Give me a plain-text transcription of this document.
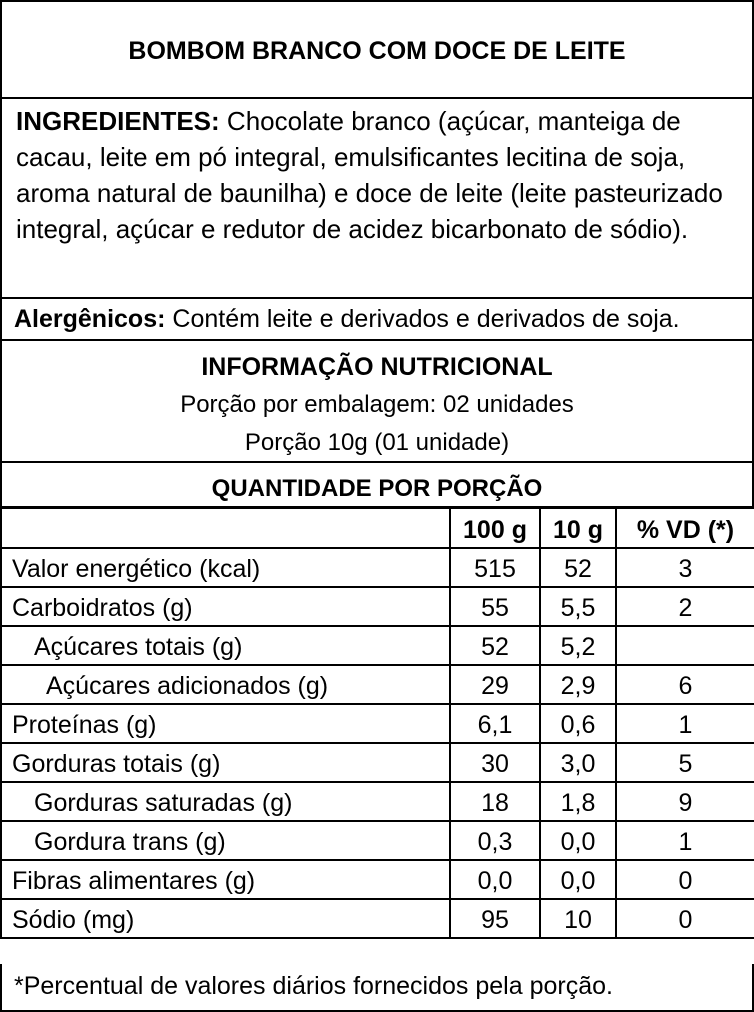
BOMBOM BRANCO COM DOCE DE LEITE
INGREDIENTES: Chocolate branco (açúcar, manteiga de cacau, leite em pó integral, emulsificantes lecitina de soja, aroma natural de baunilha) e doce de leite (leite pasteurizado integral, açúcar e redutor de acidez bicarbonato de sódio).
Alergênicos: Contém leite e derivados e derivados de soja.
INFORMAÇÃO NUTRICIONAL
Porção por embalagem: 02 unidades
Porção 10g (01 unidade)
QUANTIDADE POR PORÇÃO
	100 g	10 g	% VD (*)
Valor energético (kcal)	515	52	3
Carboidratos (g)	55	5,5	2
Açúcares totais (g)	52	5,2	
Açúcares adicionados (g)	29	2,9	6
Proteínas (g)	6,1	0,6	1
Gorduras totais (g)	30	3,0	5
Gorduras saturadas (g)	18	1,8	9
Gordura trans (g)	0,3	0,0	1
Fibras alimentares (g)	0,0	0,0	0
Sódio (mg)	95	10	0
*Percentual de valores diários fornecidos pela porção.
